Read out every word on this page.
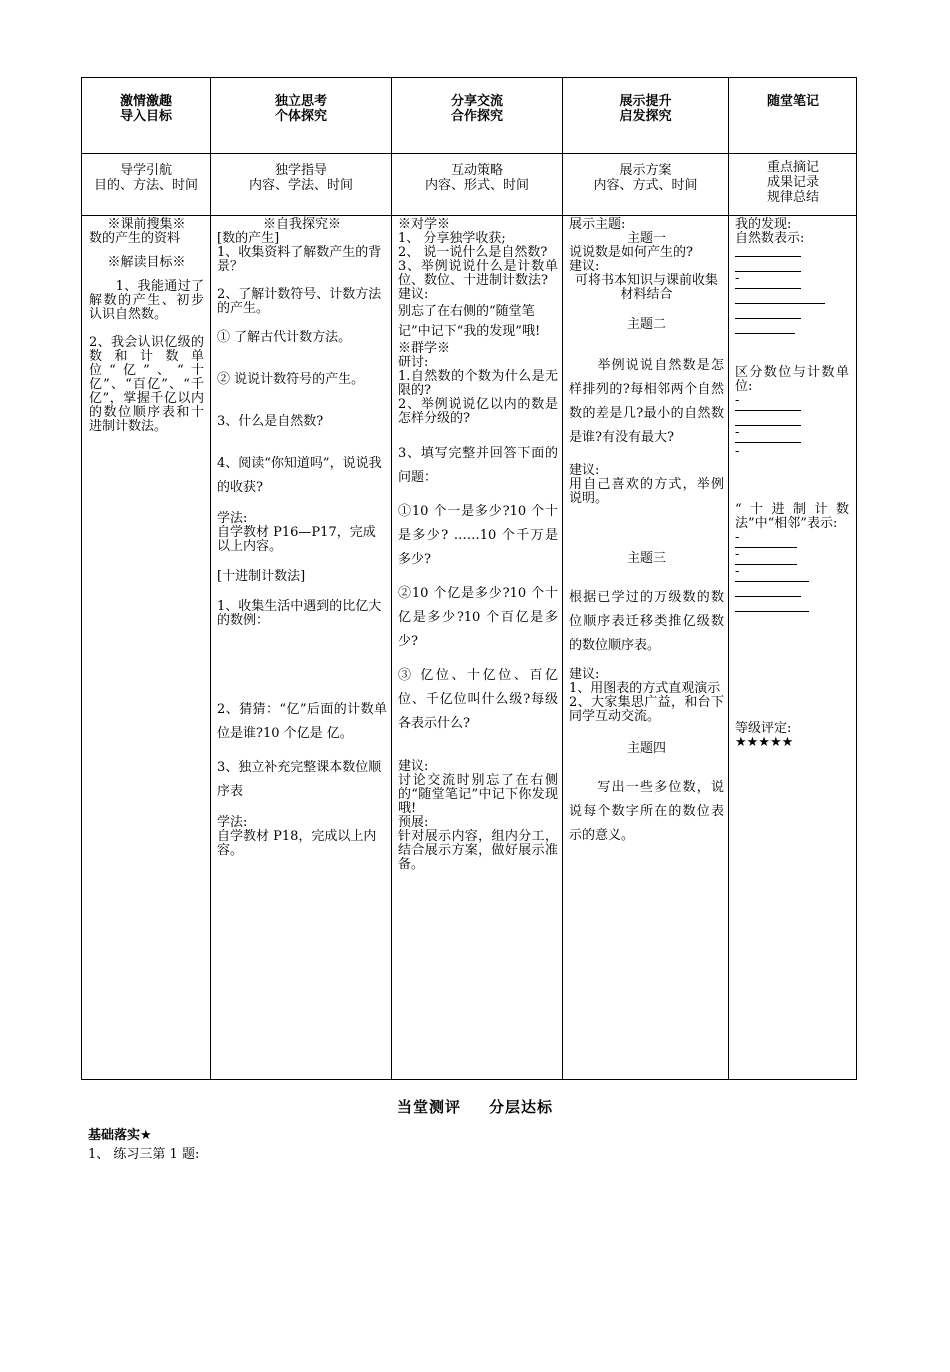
激情激趣
导入目标
独立思考
个体探究
分享交流
合作探究
展示提升
启发探究
随堂笔记

导学引航
目的、方法、时间
独学指导
内容、学法、时间
互动策略
内容、形式、时间
展示方案
内容、方式、时间
重点摘记
成果记录
规律总结

※课前搜集※

数的产生的资料

※解读目标※

　　1、我能通过了解数的产生、初步认识自然数。

2、我会认识亿级的数和计数单位“亿”、“十亿”、“百亿”、“千亿”，掌握千亿以内的数位顺序表和十进制计数法。

※自我探究※

[数的产生]

1、收集资料了解数产生的背景？

2、了解计数符号、计数方法的产生。

① 了解古代计数方法。

② 说说计数符号的产生。

3、什么是自然数?

4、阅读“你知道吗”，说说我的收获?

学法:

自学教材 P16—P17，完成以上内容。

[十进制计数法]

1、收集生活中遇到的比亿大的数例：

2、猜猜：“亿”后面的计数单位是谁?10 个亿是 亿。

3、独立补充完整课本数位顺序表

学法:

自学教材 P18，完成以上内容。

※对学※

1、 分享独学收获;

2、 说一说什么是自然数?

3、举例说说什么是计数单位、数位、十进制计数法?

建议:

别忘了在右侧的“随堂笔记”中记下“我的发现”哦!

※群学※

研讨:

1.自然数的个数为什么是无限的?

2、举例说说亿以内的数是怎样分级的?

3、填写完整并回答下面的问题：

①10 个一是多少?10 个十是多少? ……10 个千万是多少?

②10 个亿是多少?10 个十亿是多少?10 个百亿是多少?

③ 亿位、十亿位、百亿位、千亿位叫什么级?每级各表示什么?

建议:

讨论交流时别忘了在右侧的“随堂笔记”中记下你发现哦!

预展:

针对展示内容，组内分工，结合展示方案，做好展示准备。

展示主题:

主题一

说说数是如何产生的?

建议:

可将书本知识与课前收集材料结合

主题二

　　举例说说自然数是怎样排列的?每相邻两个自然数的差是几?最小的自然数是谁?有没有最大?

建议:

用自己喜欢的方式，举例说明。

主题三

根据已学过的万级数的数位顺序表迁移类推亿级数的数位顺序表。

建议:

1、用图表的方式直观演示

2、大家集思广益，和台下同学互动交流。

主题四

　　写出一些多位数，说说每个数字所在的数位表示的意义。

我的发现:

自然数表示:

-

区分数位与计数单位:

-

-

-

“十进制计数法”中“相邻”表示:

-

-

-

等级评定:

★★★★★

当堂测评 分层达标
基础落实★
1、 练习三第 1 题:
